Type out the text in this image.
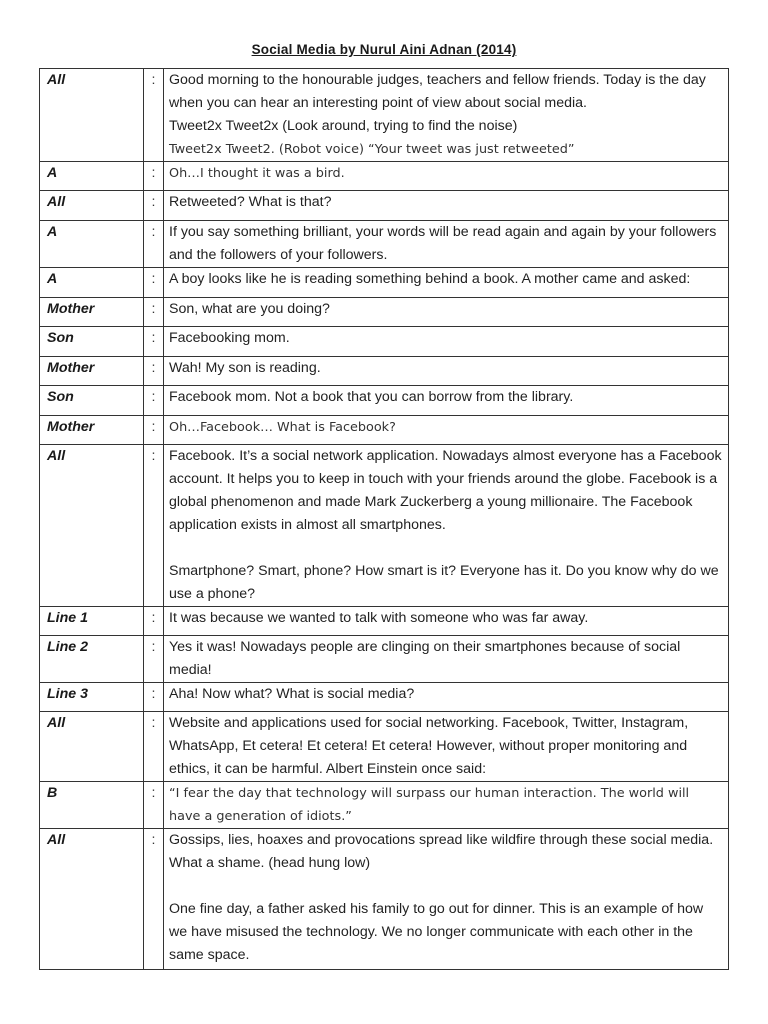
Social Media by Nurul Aini Adnan (2014)
All	:	Good morning to the honourable judges, teachers and fellow friends. Today is the day when you can hear an interesting point of view about social media.

Tweet2x Tweet2x (Look around, trying to find the noise)

Tweet2x Tweet2. (Robot voice) “Your tweet was just retweeted”

A	:	Oh…I thought it was a bird.

All	:	Retweeted? What is that?

A	:	If you say something brilliant, your words will be read again and again by your followers and the followers of your followers.

A	:	A boy looks like he is reading something behind a book. A mother came and asked:

Mother	:	Son, what are you doing?

Son	:	Facebooking mom.

Mother	:	Wah! My son is reading.

Son	:	Facebook mom. Not a book that you can borrow from the library.

Mother	:	Oh…Facebook… What is Facebook?

All	:	Facebook. It’s a social network application. Nowadays almost everyone has a Facebook account. It helps you to keep in touch with your friends around the globe. Facebook is a global phenomenon and made Mark Zuckerberg a young millionaire. The Facebook application exists in almost all smartphones.

Smartphone? Smart, phone? How smart is it? Everyone has it. Do you know why do we use a phone?

Line 1	:	It was because we wanted to talk with someone who was far away.

Line 2	:	Yes it was! Nowadays people are clinging on their smartphones because of social media!

Line 3	:	Aha! Now what? What is social media?

All	:	Website and applications used for social networking. Facebook, Twitter, Instagram, WhatsApp, Et cetera! Et cetera! Et cetera! However, without proper monitoring and ethics, it can be harmful. Albert Einstein once said:

B	:	“I fear the day that technology will surpass our human interaction. The world will have a generation of idiots.”

All	:	Gossips, lies, hoaxes and provocations spread like wildfire through these social media. What a shame. (head hung low)

One fine day, a father asked his family to go out for dinner. This is an example of how we have misused the technology. We no longer communicate with each other in the same space.
